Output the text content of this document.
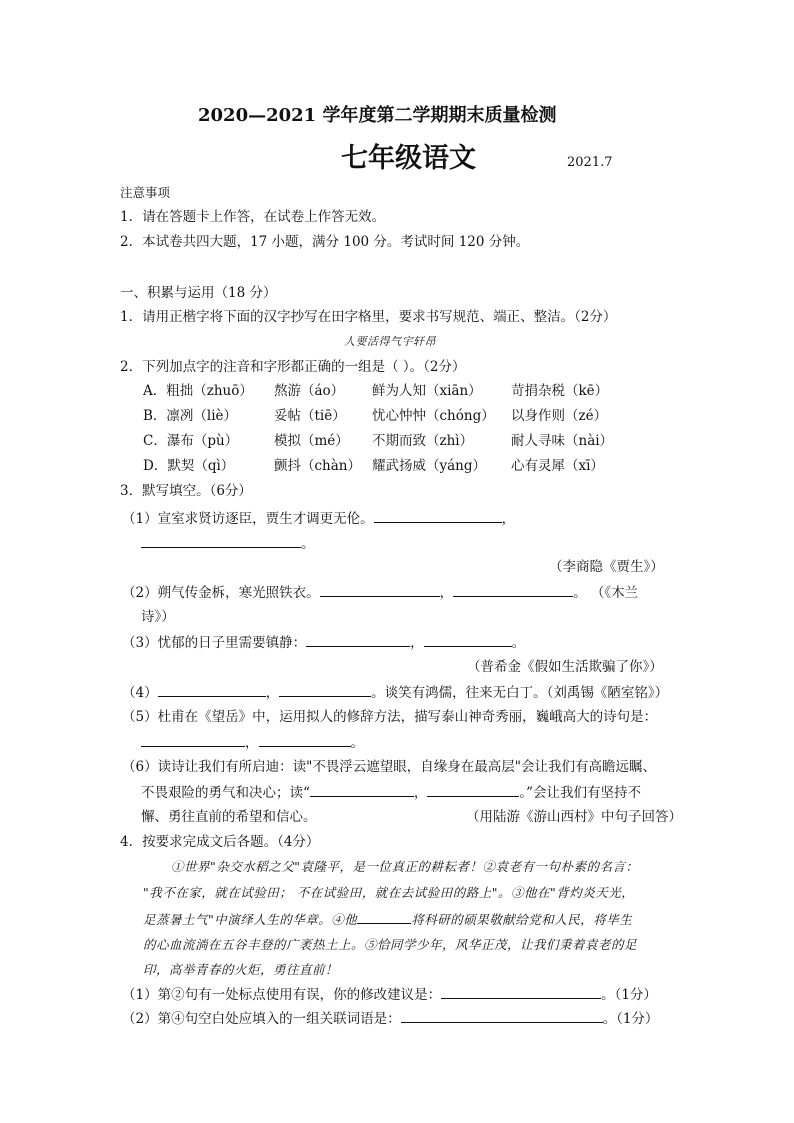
2020—2021 学年度第二学期期末质量检测
七年级语文	2021.7
注意事项
1．请在答题卡上作答，在试卷上作答无效。
2．本试卷共四大题，17 小题，满分 100 分。考试时间 120 分钟。
一、积累与运用（18 分）
1．请用正楷字将下面的汉字抄写在田字格里，要求书写规范、端正、整洁。（2分）
人要活得气宇轩昂
2．下列加点字的注音和字形都正确的一组是（ ）。（2分）
A．粗拙（zhuō） 熬游（áo） 鲜为人知（xiān） 苛捐杂税（kē）
B．凛冽（liè）	妥帖（tiē） 忧心忡忡（chóng） 以身作则（zé）
C．瀑布（pù）	模拟（mé） 不期而致（zhì）	耐人寻味（nài）
D．默契（qì）	颤抖（chàn） 耀武扬威（yáng） 心有灵犀（xī）
3．默写填空。（6分）
（1）宣室求贤访逐臣，贾生才调更无伦。	，
。
（李商隐《贾生》）
（2）朔气传金柝，寒光照铁衣。	，	。 （《木兰
诗》）
（3）忧郁的日子里需要镇静：	，	。
（普希金《假如生活欺骗了你》）
（4）	，	。谈笑有鸿儒，往来无白丁。（刘禹锡《陋室铭》）
（5）杜甫在《望岳》中，运用拟人的修辞方法，描写泰山神奇秀丽，巍峨高大的诗句是：
，	。
（6）读诗让我们有所启迪：读"不畏浮云遮望眼，自缘身在最高层"会让我们有高瞻远瞩、
不畏艰险的勇气和决心；读“	，	。”会让我们有坚持不
懈、勇往直前的希望和信心。	（用陆游《游山西村》中句子回答）
4．按要求完成文后各题。（4分）
①世界"杂交水稻之父"袁隆平，是一位真正的耕耘者！②袁老有一句朴素的名言：
"我不在家，就在试验田； 不在试验田，就在去试验田的路上"。③他在"背灼炎天光，
足蒸暑土气"中演绎人生的华章。④他	将科研的硕果敬献给党和人民，将毕生
的心血流淌在五谷丰登的广袤热土上。⑤恰同学少年，风华正茂，让我们秉着袁老的足
印，高举青春的火炬，勇往直前！
（1）第②句有一处标点使用有误，你的修改建议是：	。（1分）
（2）第④句空白处应填入的一组关联词语是：	。（1分）
